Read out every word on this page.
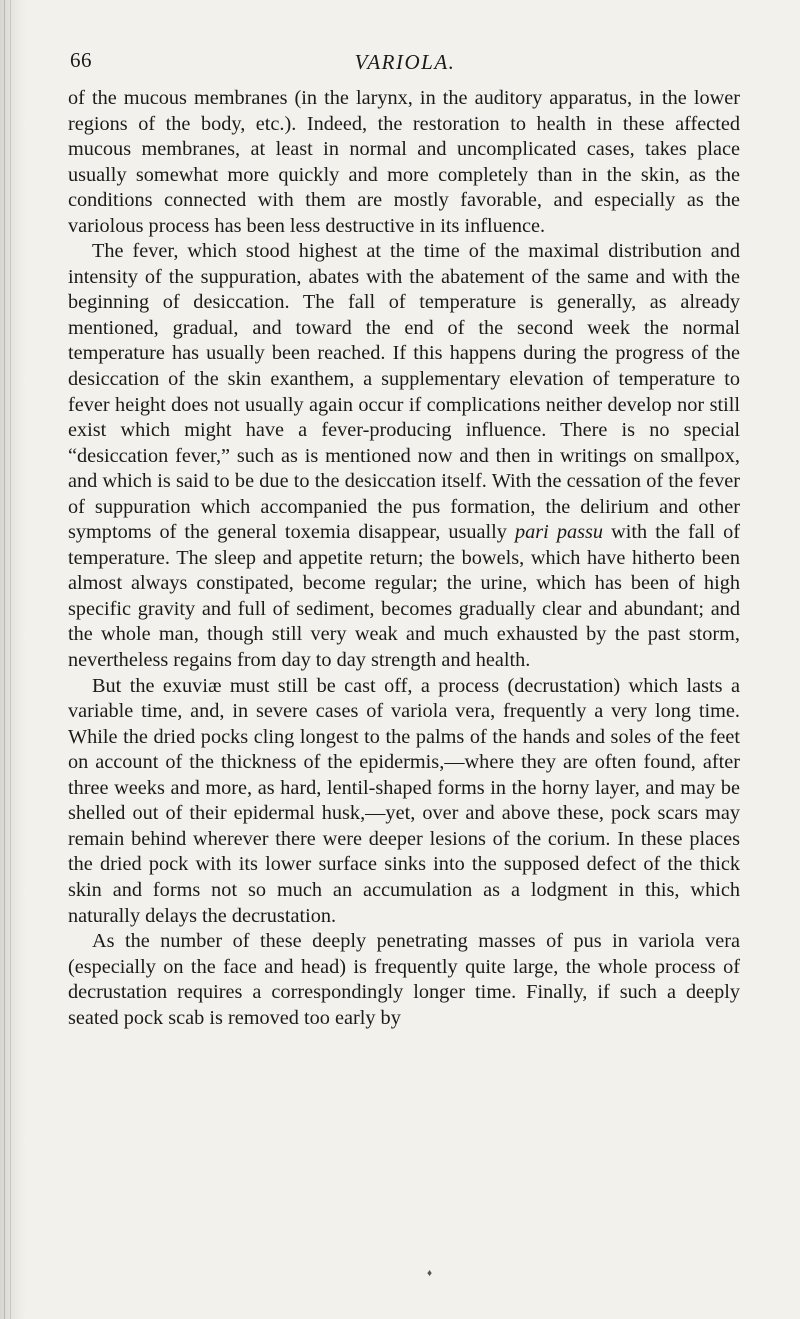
66	VARIOLA.

of the mucous membranes (in the larynx, in the auditory apparatus, in the lower regions of the body, etc.). Indeed, the restoration to health in these affected mucous membranes, at least in normal and uncomplicated cases, takes place usually somewhat more quickly and more completely than in the skin, as the conditions connected with them are mostly favorable, and especially as the variolous process has been less destructive in its influence.

The fever, which stood highest at the time of the maximal distribution and intensity of the suppuration, abates with the abatement of the same and with the beginning of desiccation. The fall of temperature is generally, as already mentioned, gradual, and toward the end of the second week the normal temperature has usually been reached. If this happens during the progress of the desiccation of the skin exanthem, a supplementary elevation of temperature to fever height does not usually again occur if complications neither develop nor still exist which might have a fever-producing influence. There is no special “desiccation fever,” such as is mentioned now and then in writings on smallpox, and which is said to be due to the desiccation itself. With the cessation of the fever of suppuration which accompanied the pus formation, the delirium and other symptoms of the general toxemia disappear, usually pari passu with the fall of temperature. The sleep and appetite return; the bowels, which have hitherto been almost always constipated, become regular; the urine, which has been of high specific gravity and full of sediment, becomes gradually clear and abundant; and the whole man, though still very weak and much exhausted by the past storm, nevertheless regains from day to day strength and health.

But the exuviæ must still be cast off, a process (decrustation) which lasts a variable time, and, in severe cases of variola vera, frequently a very long time. While the dried pocks cling longest to the palms of the hands and soles of the feet on account of the thickness of the epidermis,—where they are often found, after three weeks and more, as hard, lentil-shaped forms in the horny layer, and may be shelled out of their epidermal husk,—yet, over and above these, pock scars may remain behind wherever there were deeper lesions of the corium. In these places the dried pock with its lower surface sinks into the supposed defect of the thick skin and forms not so much an accumulation as a lodgment in this, which naturally delays the decrustation.

As the number of these deeply penetrating masses of pus in variola vera (especially on the face and head) is frequently quite large, the whole process of decrustation requires a correspondingly longer time. Finally, if such a deeply seated pock scab is removed too early by

♦
